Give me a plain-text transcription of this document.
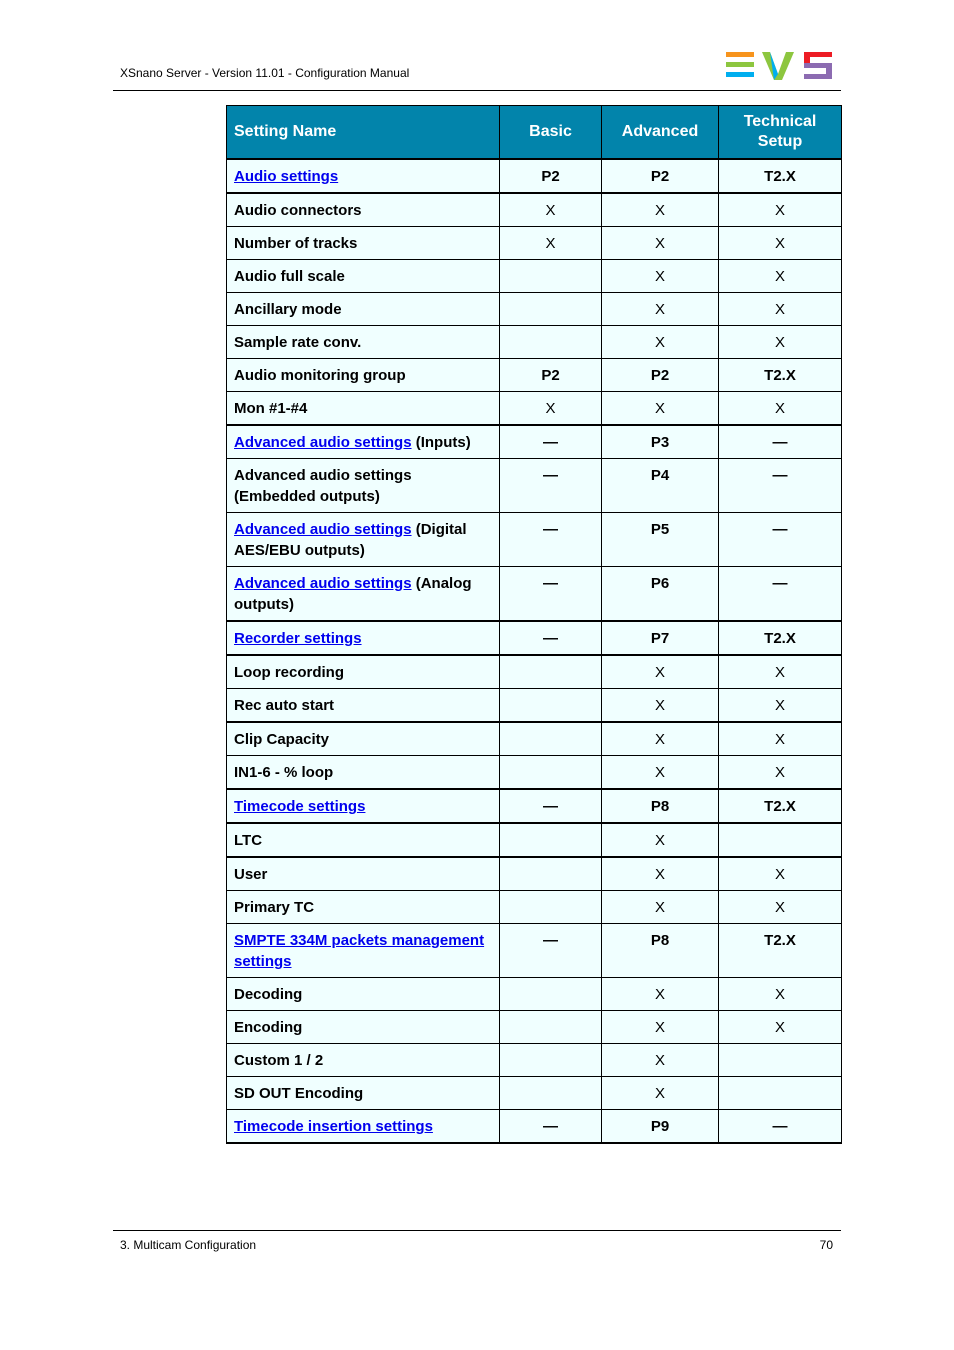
XSnano Server - Version 11.01 - Configuration Manual
Setting Name	Basic	Advanced	Technical Setup
Audio settings	P2	P2	T2.X
Audio connectors	X	X	X
Number of tracks	X	X	X
Audio full scale		X	X
Ancillary mode		X	X
Sample rate conv.		X	X
Audio monitoring group	P2	P2	T2.X
Mon #1-#4	X	X	X
Advanced audio settings (Inputs)	—	P3	—
Advanced audio settings (Embedded outputs)	—	P4	—
Advanced audio settings (Digital AES/EBU outputs)	—	P5	—
Advanced audio settings (Analog outputs)	—	P6	—
Recorder settings	—	P7	T2.X
Loop recording		X	X
Rec auto start		X	X
Clip Capacity		X	X
IN1-6 - % loop		X	X
Timecode settings	—	P8	T2.X
LTC		X	
User		X	X
Primary TC		X	X
SMPTE 334M packets management settings	—	P8	T2.X
Decoding		X	X
Encoding		X	X
Custom 1 / 2		X	
SD OUT Encoding		X	
Timecode insertion settings	—	P9	—
3. Multicam Configuration	70
